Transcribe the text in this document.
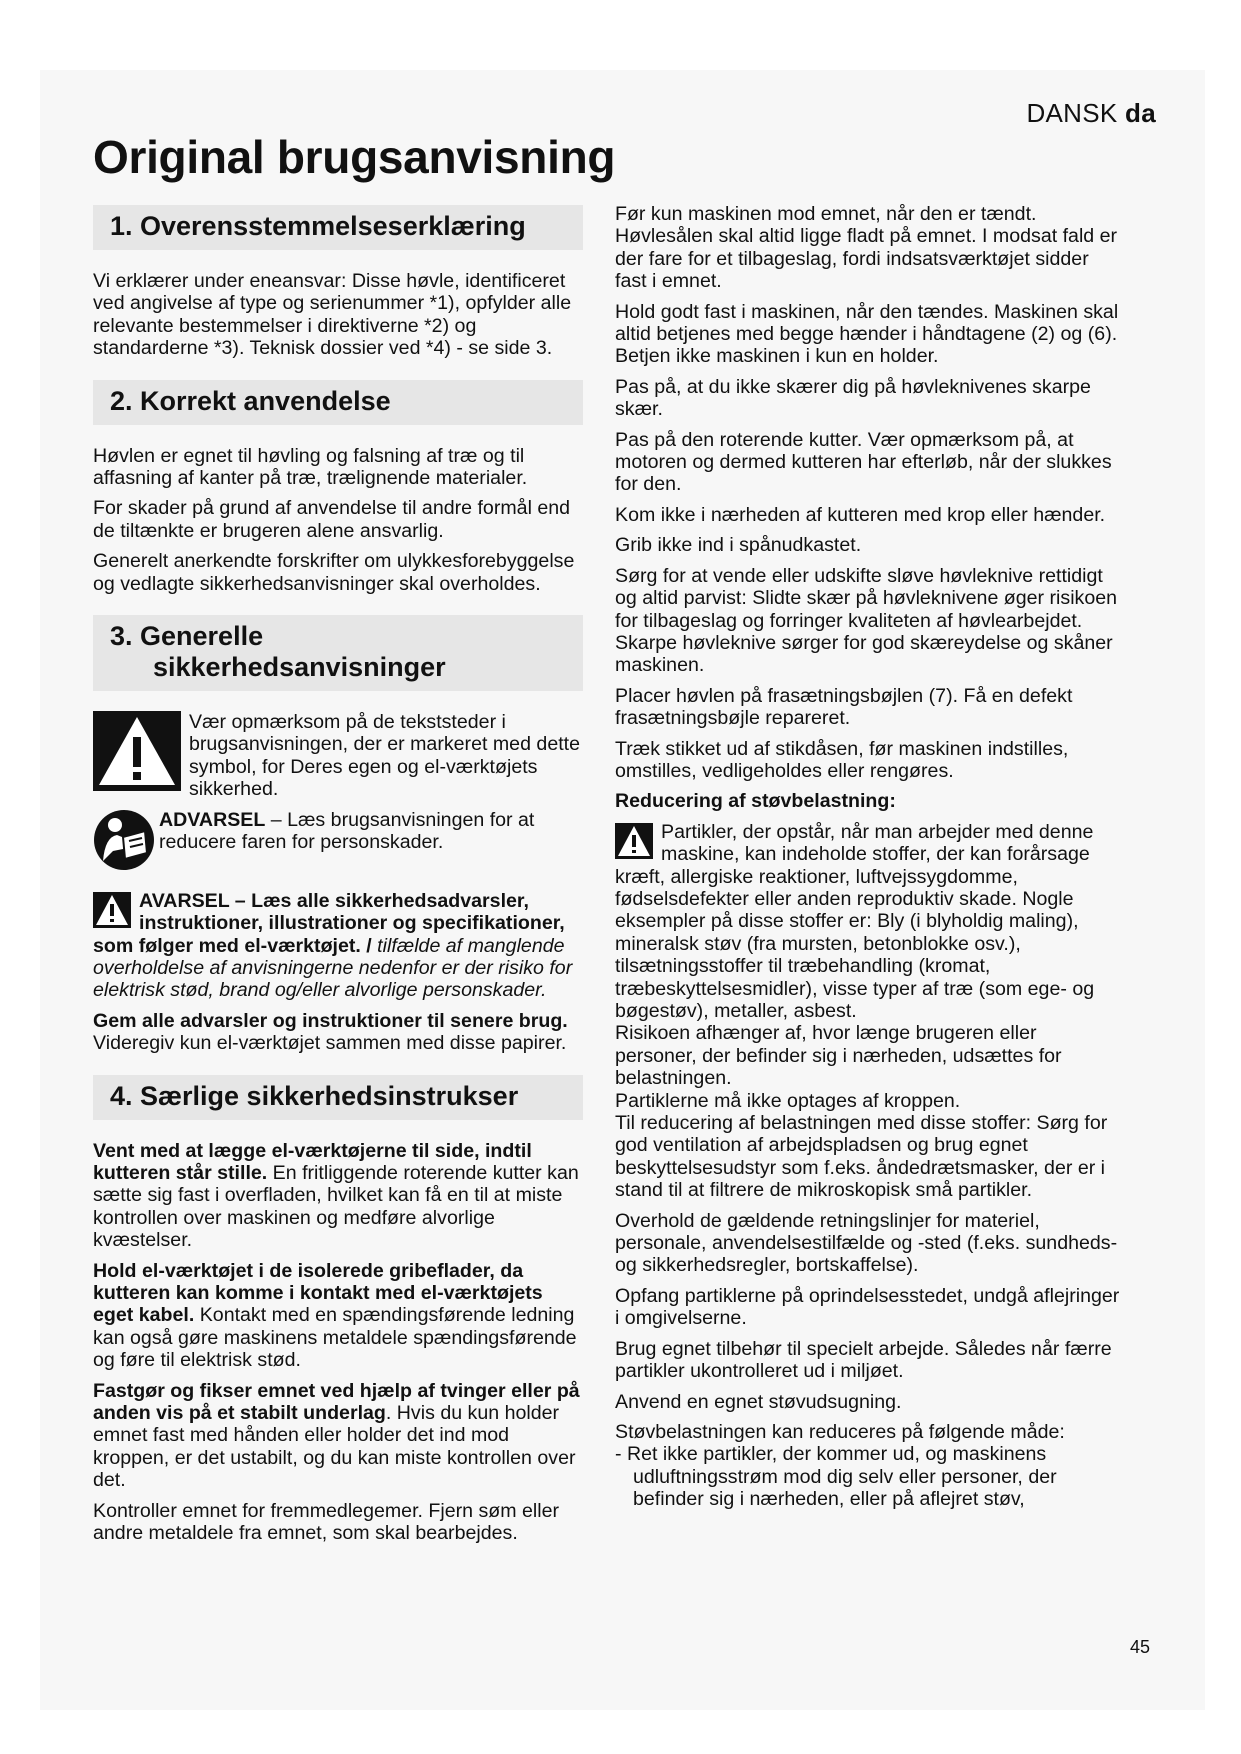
DANSK da
Original brugsanvisning
1. Overensstemmelseserklæring

Vi erklærer under eneansvar: Disse høvle, identificeret ved angivelse af type og serienummer *1), opfylder alle relevante bestemmelser i direktiverne *2) og standarderne *3). Teknisk dossier ved *4) - se side 3.

2. Korrekt anvendelse

Høvlen er egnet til høvling og falsning af træ og til affasning af kanter på træ, trælignende materialer.

For skader på grund af anvendelse til andre formål end de tiltænkte er brugeren alene ansvarlig.

Generelt anerkendte forskrifter om ulykkesforebyggelse og vedlagte sikkerhedsanvisninger skal overholdes.

3. Generelle
sikkerhedsanvisninger

Vær opmærksom på de tekststeder i brugsanvisningen, der er markeret med dette symbol, for Deres egen og el-værktøjets sikkerhed.

ADVARSEL – Læs brugsanvisningen for at reducere faren for personskader.

AVARSEL – Læs alle sikkerhedsadvarsler, instruktioner, illustrationer og specifikationer, som følger med el-værktøjet. / tilfælde af manglende overholdelse af anvisningerne nedenfor er der risiko for elektrisk stød, brand og/eller alvorlige personskader.

Gem alle advarsler og instruktioner til senere brug. Videregiv kun el-værktøjet sammen med disse papirer.

4. Særlige sikkerhedsinstrukser

Vent med at lægge el-værktøjerne til side, indtil kutteren står stille. En fritliggende roterende kutter kan sætte sig fast i overfladen, hvilket kan få en til at miste kontrollen over maskinen og medføre alvorlige kvæstelser.

Hold el-værktøjet i de isolerede gribeflader, da kutteren kan komme i kontakt med el-værktøjets eget kabel. Kontakt med en spændingsførende ledning kan også gøre maskinens metaldele spændingsførende og føre til elektrisk stød.

Fastgør og fikser emnet ved hjælp af tvinger eller på anden vis på et stabilt underlag. Hvis du kun holder emnet fast med hånden eller holder det ind mod kroppen, er det ustabilt, og du kan miste kontrollen over det.

Kontroller emnet for fremmedlegemer. Fjern søm eller andre metaldele fra emnet, som skal bearbejdes.

Før kun maskinen mod emnet, når den er tændt. Høvlesålen skal altid ligge fladt på emnet. I modsat fald er der fare for et tilbageslag, fordi indsatsværktøjet sidder fast i emnet.

Hold godt fast i maskinen, når den tændes. Maskinen skal altid betjenes med begge hænder i håndtagene (2) og (6). Betjen ikke maskinen i kun en holder.

Pas på, at du ikke skærer dig på høvleknivenes skarpe skær.

Pas på den roterende kutter. Vær opmærksom på, at motoren og dermed kutteren har efterløb, når der slukkes for den.

Kom ikke i nærheden af kutteren med krop eller hænder.

Grib ikke ind i spånudkastet.

Sørg for at vende eller udskifte sløve høvleknive rettidigt og altid parvist: Slidte skær på høvleknivene øger risikoen for tilbageslag og forringer kvaliteten af høvlearbejdet. Skarpe høvleknive sørger for god skæreydelse og skåner maskinen.

Placer høvlen på frasætningsbøjlen (7). Få en defekt frasætningsbøjle repareret.

Træk stikket ud af stikdåsen, før maskinen indstilles, omstilles, vedligeholdes eller rengøres.

Reducering af støvbelastning:

Partikler, der opstår, når man arbejder med denne maskine, kan indeholde stoffer, der kan forårsage kræft, allergiske reaktioner, luftvejssygdomme, fødselsdefekter eller anden reproduktiv skade. Nogle eksempler på disse stoffer er: Bly (i blyholdig maling), mineralsk støv (fra mursten, betonblokke osv.), tilsætningsstoffer til træbehandling (kromat, træbeskyttelsesmidler), visse typer af træ (som ege- og bøgestøv), metaller, asbest.

Risikoen afhænger af, hvor længe brugeren eller personer, der befinder sig i nærheden, udsættes for belastningen.

Partiklerne må ikke optages af kroppen.

Til reducering af belastningen med disse stoffer: Sørg for god ventilation af arbejdspladsen og brug egnet beskyttelsesudstyr som f.eks. åndedrætsmasker, der er i stand til at filtrere de mikroskopisk små partikler.

Overhold de gældende retningslinjer for materiel, personale, anvendelsestilfælde og -sted (f.eks. sundheds- og sikkerhedsregler, bortskaffelse).

Opfang partiklerne på oprindelsesstedet, undgå aflejringer i omgivelserne.

Brug egnet tilbehør til specielt arbejde. Således når færre partikler ukontrolleret ud i miljøet.

Anvend en egnet støvudsugning.

Støvbelastningen kan reduceres på følgende måde:

- Ret ikke partikler, der kommer ud, og maskinens udluftningsstrøm mod dig selv eller personer, der befinder sig i nærheden, eller på aflejret støv,

45
